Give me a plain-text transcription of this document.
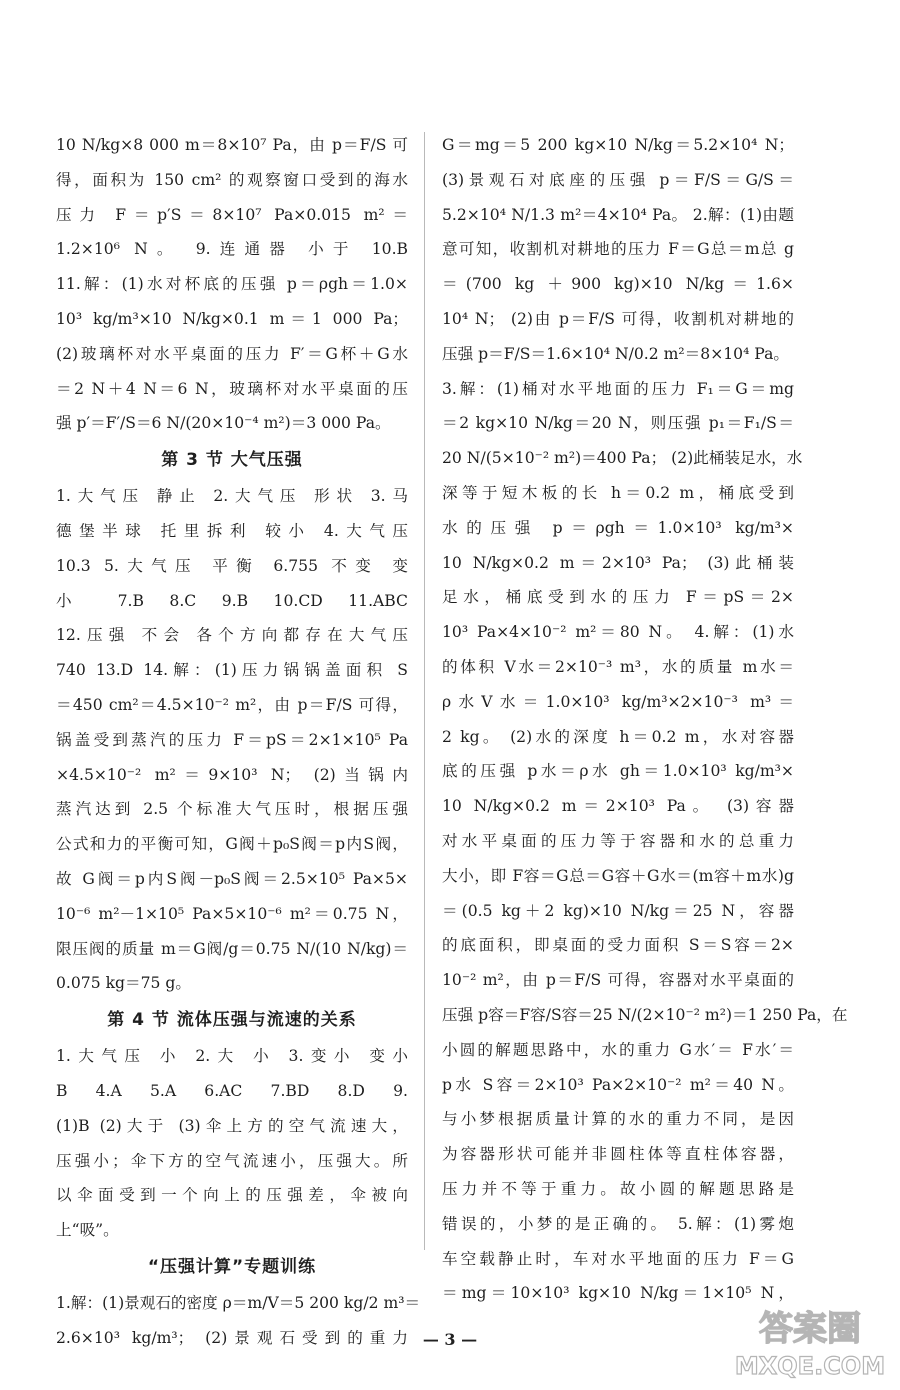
10 N/kg×8 000 m＝8×10⁷ Pa，由 p＝F/S 可

得，面积为 150 cm² 的观察窗口受到的海水

压力 F＝p′S＝8×10⁷ Pa×0.015 m²＝

1.2×10⁶ N。 9.连通器 小于 10.B

11.解：(1)水对杯底的压强 p＝ρgh＝1.0×

10³ kg/m³×10 N/kg×0.1 m＝1 000 Pa；

(2)玻璃杯对水平桌面的压力 F′＝G杯＋G水

＝2 N＋4 N＝6 N，玻璃杯对水平桌面的压

强 p′＝F′/S＝6 N/(20×10⁻⁴ m²)＝3 000 Pa。

第 3 节 大气压强

1.大气压 静止 2.大气压 形状 3.马

德堡半球 托里拆利 较小 4.大气压

10.3 5.大气压 平衡 6.755 不变 变

小 7.B 8.C 9.B 10.CD 11.ABC

12.压强 不会 各个方向都存在大气压

740 13.D 14.解：(1)压力锅锅盖面积 S

＝450 cm²＝4.5×10⁻² m²，由 p＝F/S 可得，

锅盖受到蒸汽的压力 F＝pS＝2×1×10⁵ Pa

×4.5×10⁻² m²＝9×10³ N； (2)当锅内

蒸汽达到 2.5 个标准大气压时，根据压强

公式和力的平衡可知，G阀＋p₀S阀＝p内S阀，

故 G阀＝p内S阀－p₀S阀＝2.5×10⁵ Pa×5×

10⁻⁶ m²－1×10⁵ Pa×5×10⁻⁶ m²＝0.75 N，

限压阀的质量 m＝G阀/g＝0.75 N/(10 N/kg)＝

0.075 kg＝75 g。

第 4 节 流体压强与流速的关系

1.大气压 小 2.大 小 3.变小 变小

B 4.A 5.A 6.AC 7.BD 8.D 9.

(1)B (2)大于 (3)伞上方的空气流速大，

压强小；伞下方的空气流速小，压强大。所

以伞面受到一个向上的压强差，伞被向

上“吸”。

“压强计算”专题训练

1.解：(1)景观石的密度 ρ＝m/V＝5 200 kg/2 m³＝

2.6×10³ kg/m³； (2)景观石受到的重力

G＝mg＝5 200 kg×10 N/kg＝5.2×10⁴ N；

(3)景观石对底座的压强 p＝F/S＝G/S＝

5.2×10⁴ N/1.3 m²＝4×10⁴ Pa。 2.解：(1)由题

意可知，收割机对耕地的压力 F＝G总＝m总 g

＝(700 kg ＋900 kg)×10 N/kg＝1.6×

10⁴ N； (2)由 p＝F/S 可得，收割机对耕地的

压强 p＝F/S＝1.6×10⁴ N/0.2 m²＝8×10⁴ Pa。

3.解：(1)桶对水平地面的压力 F₁＝G＝mg

＝2 kg×10 N/kg＝20 N，则压强 p₁＝F₁/S＝

20 N/(5×10⁻² m²)＝400 Pa； (2)此桶装足水，水

深等于短木板的长 h＝0.2 m，桶底受到

水的压强 p＝ρgh＝1.0×10³ kg/m³×

10 N/kg×0.2 m＝2×10³ Pa； (3)此桶装

足水，桶底受到水的压力 F＝pS＝2×

10³ Pa×4×10⁻² m²＝80 N。 4.解：(1)水

的体积 V水＝2×10⁻³ m³，水的质量 m水＝

ρ水V水＝1.0×10³ kg/m³×2×10⁻³ m³＝

2 kg。 (2)水的深度 h＝0.2 m，水对容器

底的压强 p水＝ρ水 gh＝1.0×10³ kg/m³×

10 N/kg×0.2 m＝2×10³ Pa。 (3)容器

对水平桌面的压力等于容器和水的总重力

大小，即 F容＝G总＝G容＋G水＝(m容＋m水)g

＝(0.5 kg＋2 kg)×10 N/kg＝25 N，容器

的底面积，即桌面的受力面积 S＝S容＝2×

10⁻² m²，由 p＝F/S 可得，容器对水平桌面的

压强 p容＝F容/S容＝25 N/(2×10⁻² m²)＝1 250 Pa，在

小圆的解题思路中，水的重力 G水′＝ F水′＝

p水 S容＝2×10³ Pa×2×10⁻² m²＝40 N。

与小梦根据质量计算的水的重力不同，是因

为容器形状可能并非圆柱体等直柱体容器，

压力并不等于重力。故小圆的解题思路是

错误的，小梦的是正确的。 5.解：(1)雾炮

车空载静止时，车对水平地面的压力 F＝G

＝mg＝10×10³ kg×10 N/kg＝1×10⁵ N，

— 3 —	答案圈
MXQE.COM
